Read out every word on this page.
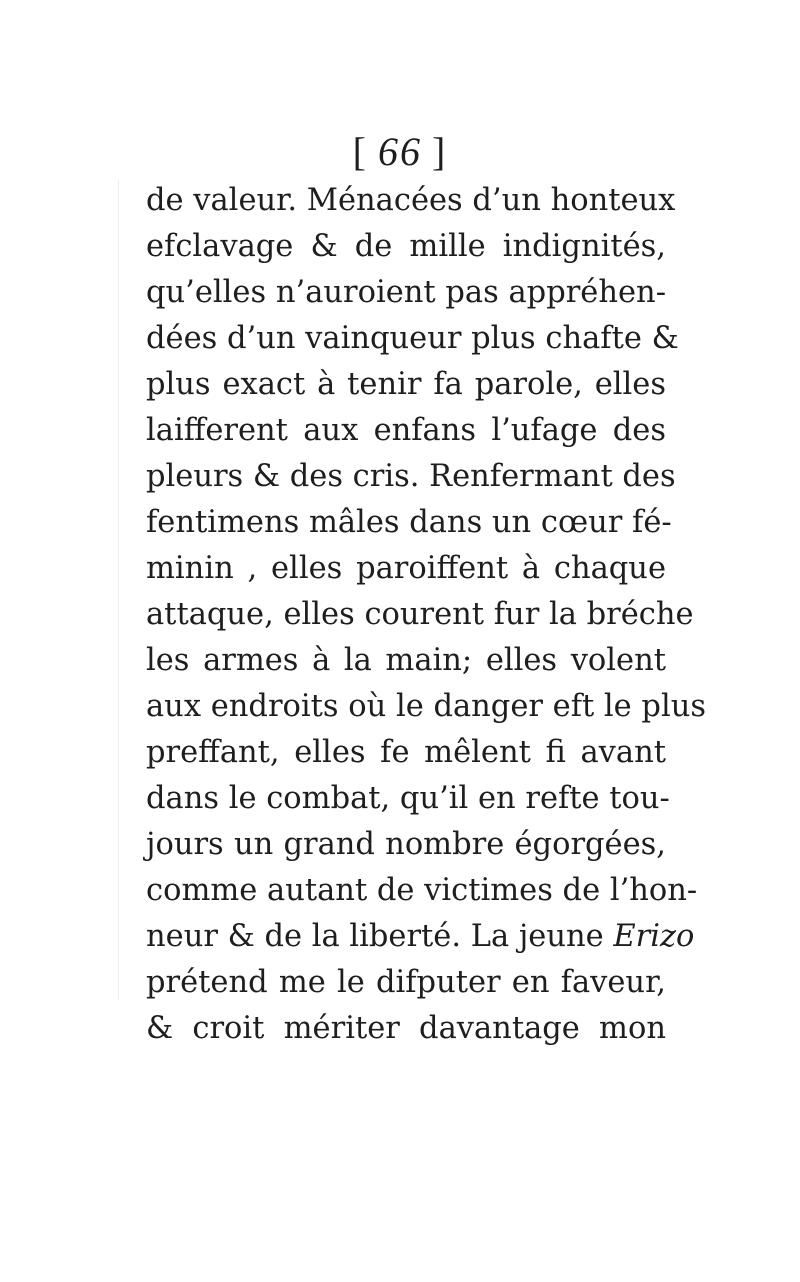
[ 66 ]
de valeur. Ménacées d’un honteux
efclavage & de mille indignités,
qu’elles n’auroient pas appréhen-
dées d’un vainqueur plus chafte &
plus exact à tenir fa parole, elles
laifferent aux enfans l’ufage des
pleurs & des cris. Renfermant des
fentimens mâles dans un cœur fé-
minin , elles paroiffent à chaque
attaque, elles courent fur la bréche
les armes à la main; elles volent
aux endroits où le danger eft le plus
preffant, elles fe mêlent fi avant
dans le combat, qu’il en refte tou-
jours un grand nombre égorgées,
comme autant de victimes de l’hon-
neur & de la liberté. La jeune Erizo
prétend me le difputer en faveur,
& croit mériter davantage mon
